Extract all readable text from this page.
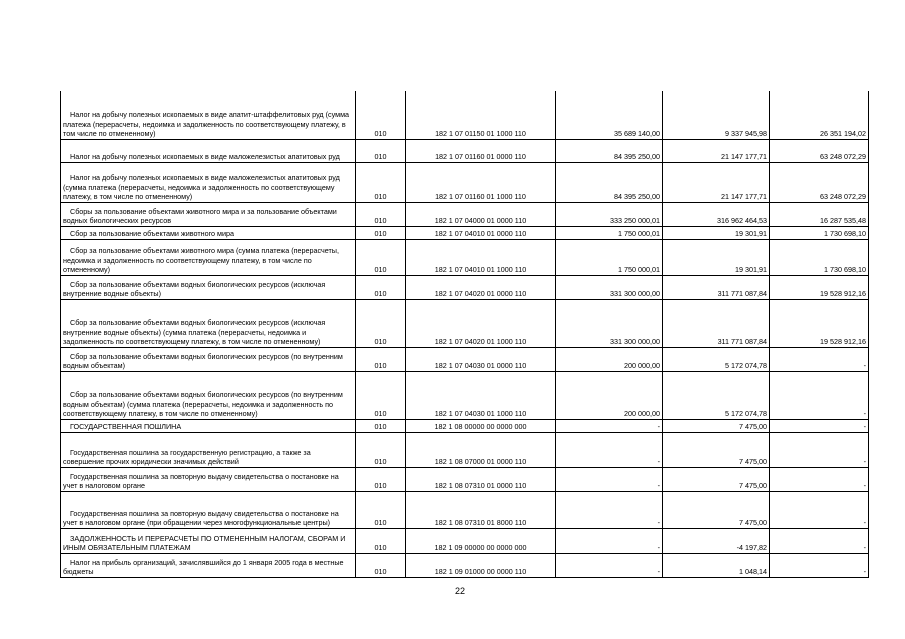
Налог на добычу полезных ископаемых в виде апатит-штаффелитовых руд (сумма платежа (перерасчеты, недоимка и задолженность по соответствующему платежу, в том числе по отмененному)	010	182 1 07 01150 01 1000 110	35 689 140,00	9 337 945,98	26 351 194,02
Налог на добычу полезных ископаемых в виде маложелезистых апатитовых руд	010	182 1 07 01160 01 0000 110	84 395 250,00	21 147 177,71	63 248 072,29
Налог на добычу полезных ископаемых в виде маложелезистых апатитовых руд (сумма платежа (перерасчеты, недоимка и задолженность по соответствующему платежу, в том числе по отмененному)	010	182 1 07 01160 01 1000 110	84 395 250,00	21 147 177,71	63 248 072,29
Сборы за пользование объектами животного мира и за пользование объектами водных биологических ресурсов	010	182 1 07 04000 01 0000 110	333 250 000,01	316 962 464,53	16 287 535,48
Сбор за пользование объектами животного мира	010	182 1 07 04010 01 0000 110	1 750 000,01	19 301,91	1 730 698,10
Сбор за пользование объектами животного мира (сумма платежа (перерасчеты, недоимка и задолженность по соответствующему платежу, в том числе по отмененному)	010	182 1 07 04010 01 1000 110	1 750 000,01	19 301,91	1 730 698,10
Сбор за пользование объектами водных биологических ресурсов (исключая внутренние водные объекты)	010	182 1 07 04020 01 0000 110	331 300 000,00	311 771 087,84	19 528 912,16
Сбор за пользование объектами водных биологических ресурсов (исключая внутренние водные объекты) (сумма платежа (перерасчеты, недоимка и задолженность по соответствующему платежу, в том числе по отмененному)	010	182 1 07 04020 01 1000 110	331 300 000,00	311 771 087,84	19 528 912,16
Сбор за пользование объектами водных биологических ресурсов (по внутренним водным объектам)	010	182 1 07 04030 01 0000 110	200 000,00	5 172 074,78	-
Сбор за пользование объектами водных биологических ресурсов (по внутренним водным объектам) (сумма платежа (перерасчеты, недоимка и задолженность по соответствующему платежу, в том числе по отмененному)	010	182 1 07 04030 01 1000 110	200 000,00	5 172 074,78	-
ГОСУДАРСТВЕННАЯ ПОШЛИНА	010	182 1 08 00000 00 0000 000	-	7 475,00	-
Государственная пошлина за государственную регистрацию, а также за совершение прочих юридически значимых действий	010	182 1 08 07000 01 0000 110	-	7 475,00	-
Государственная пошлина за повторную выдачу свидетельства о постановке на учет в налоговом органе	010	182 1 08 07310 01 0000 110	-	7 475,00	-
Государственная пошлина за повторную выдачу свидетельства о постановке на учет в налоговом органе (при обращении через многофункциональные центры)	010	182 1 08 07310 01 8000 110	-	7 475,00	-
ЗАДОЛЖЕННОСТЬ И ПЕРЕРАСЧЕТЫ ПО ОТМЕНЕННЫМ НАЛОГАМ, СБОРАМ И ИНЫМ ОБЯЗАТЕЛЬНЫМ ПЛАТЕЖАМ	010	182 1 09 00000 00 0000 000	-	-4 197,82	-
Налог на прибыль организаций, зачислявшийся до 1 января 2005 года в местные бюджеты	010	182 1 09 01000 00 0000 110	-	1 048,14	-
22
